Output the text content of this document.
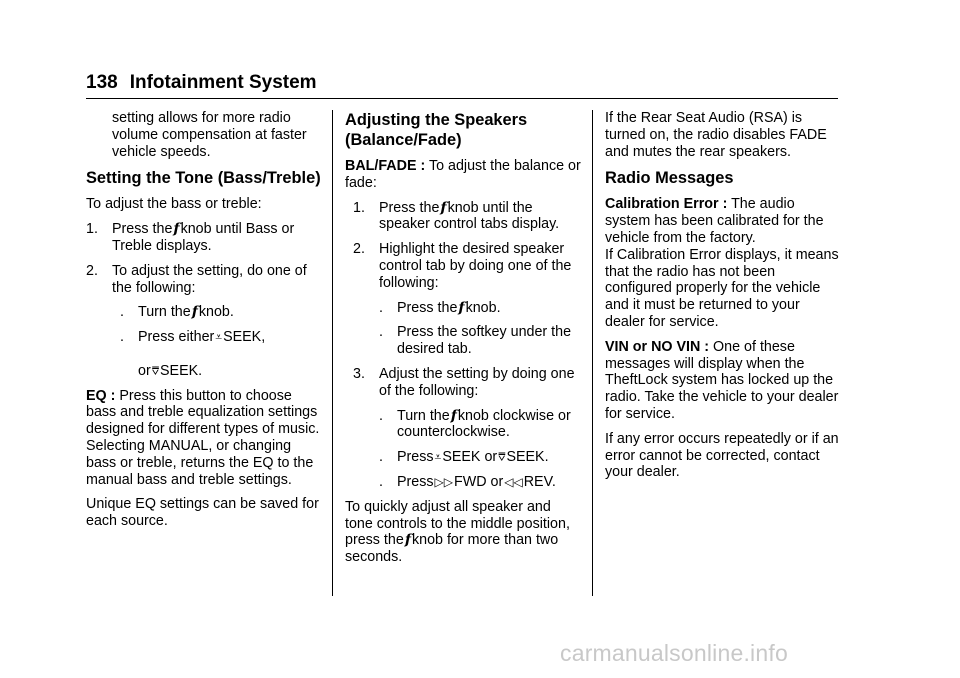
138 Infotainment System

setting allows for more radio volume compensation at faster vehicle speeds.

Setting the Tone (Bass/Treble)

To adjust the bass or treble:

1. Press thefknob until Bass or Treble displays.
2. To adjust the setting, do one of the following:
. Turn thefknob.
. Press either⩡SEEK,

or⩢SEEK.

EQ : Press this button to choose bass and treble equalization settings designed for different types of music. Selecting MANUAL, or changing bass or treble, returns the EQ to the manual bass and treble settings.

Unique EQ settings can be saved for each source.

Adjusting the Speakers (Balance/Fade)

BAL/FADE : To adjust the balance or fade:

1. Press thefknob until the speaker control tabs display.
2. Highlight the desired speaker control tab by doing one of the following:
. Press thefknob.
. Press the softkey under the desired tab.
3. Adjust the setting by doing one of the following:
. Turn thefknob clockwise or counterclockwise.
. Press⩡SEEK or⩢SEEK.
. Press▷▷FWD or◁◁REV.

To quickly adjust all speaker and tone controls to the middle position, press thefknob for more than two seconds.

If the Rear Seat Audio (RSA) is turned on, the radio disables FADE and mutes the rear speakers.

Radio Messages

Calibration Error : The audio system has been calibrated for the vehicle from the factory.

If Calibration Error displays, it means that the radio has not been configured properly for the vehicle and it must be returned to your dealer for service.

VIN or NO VIN : One of these messages will display when the TheftLock system has locked up the radio. Take the vehicle to your dealer for service.

If any error occurs repeatedly or if an error cannot be corrected, contact your dealer.

carmanualsonline.info
